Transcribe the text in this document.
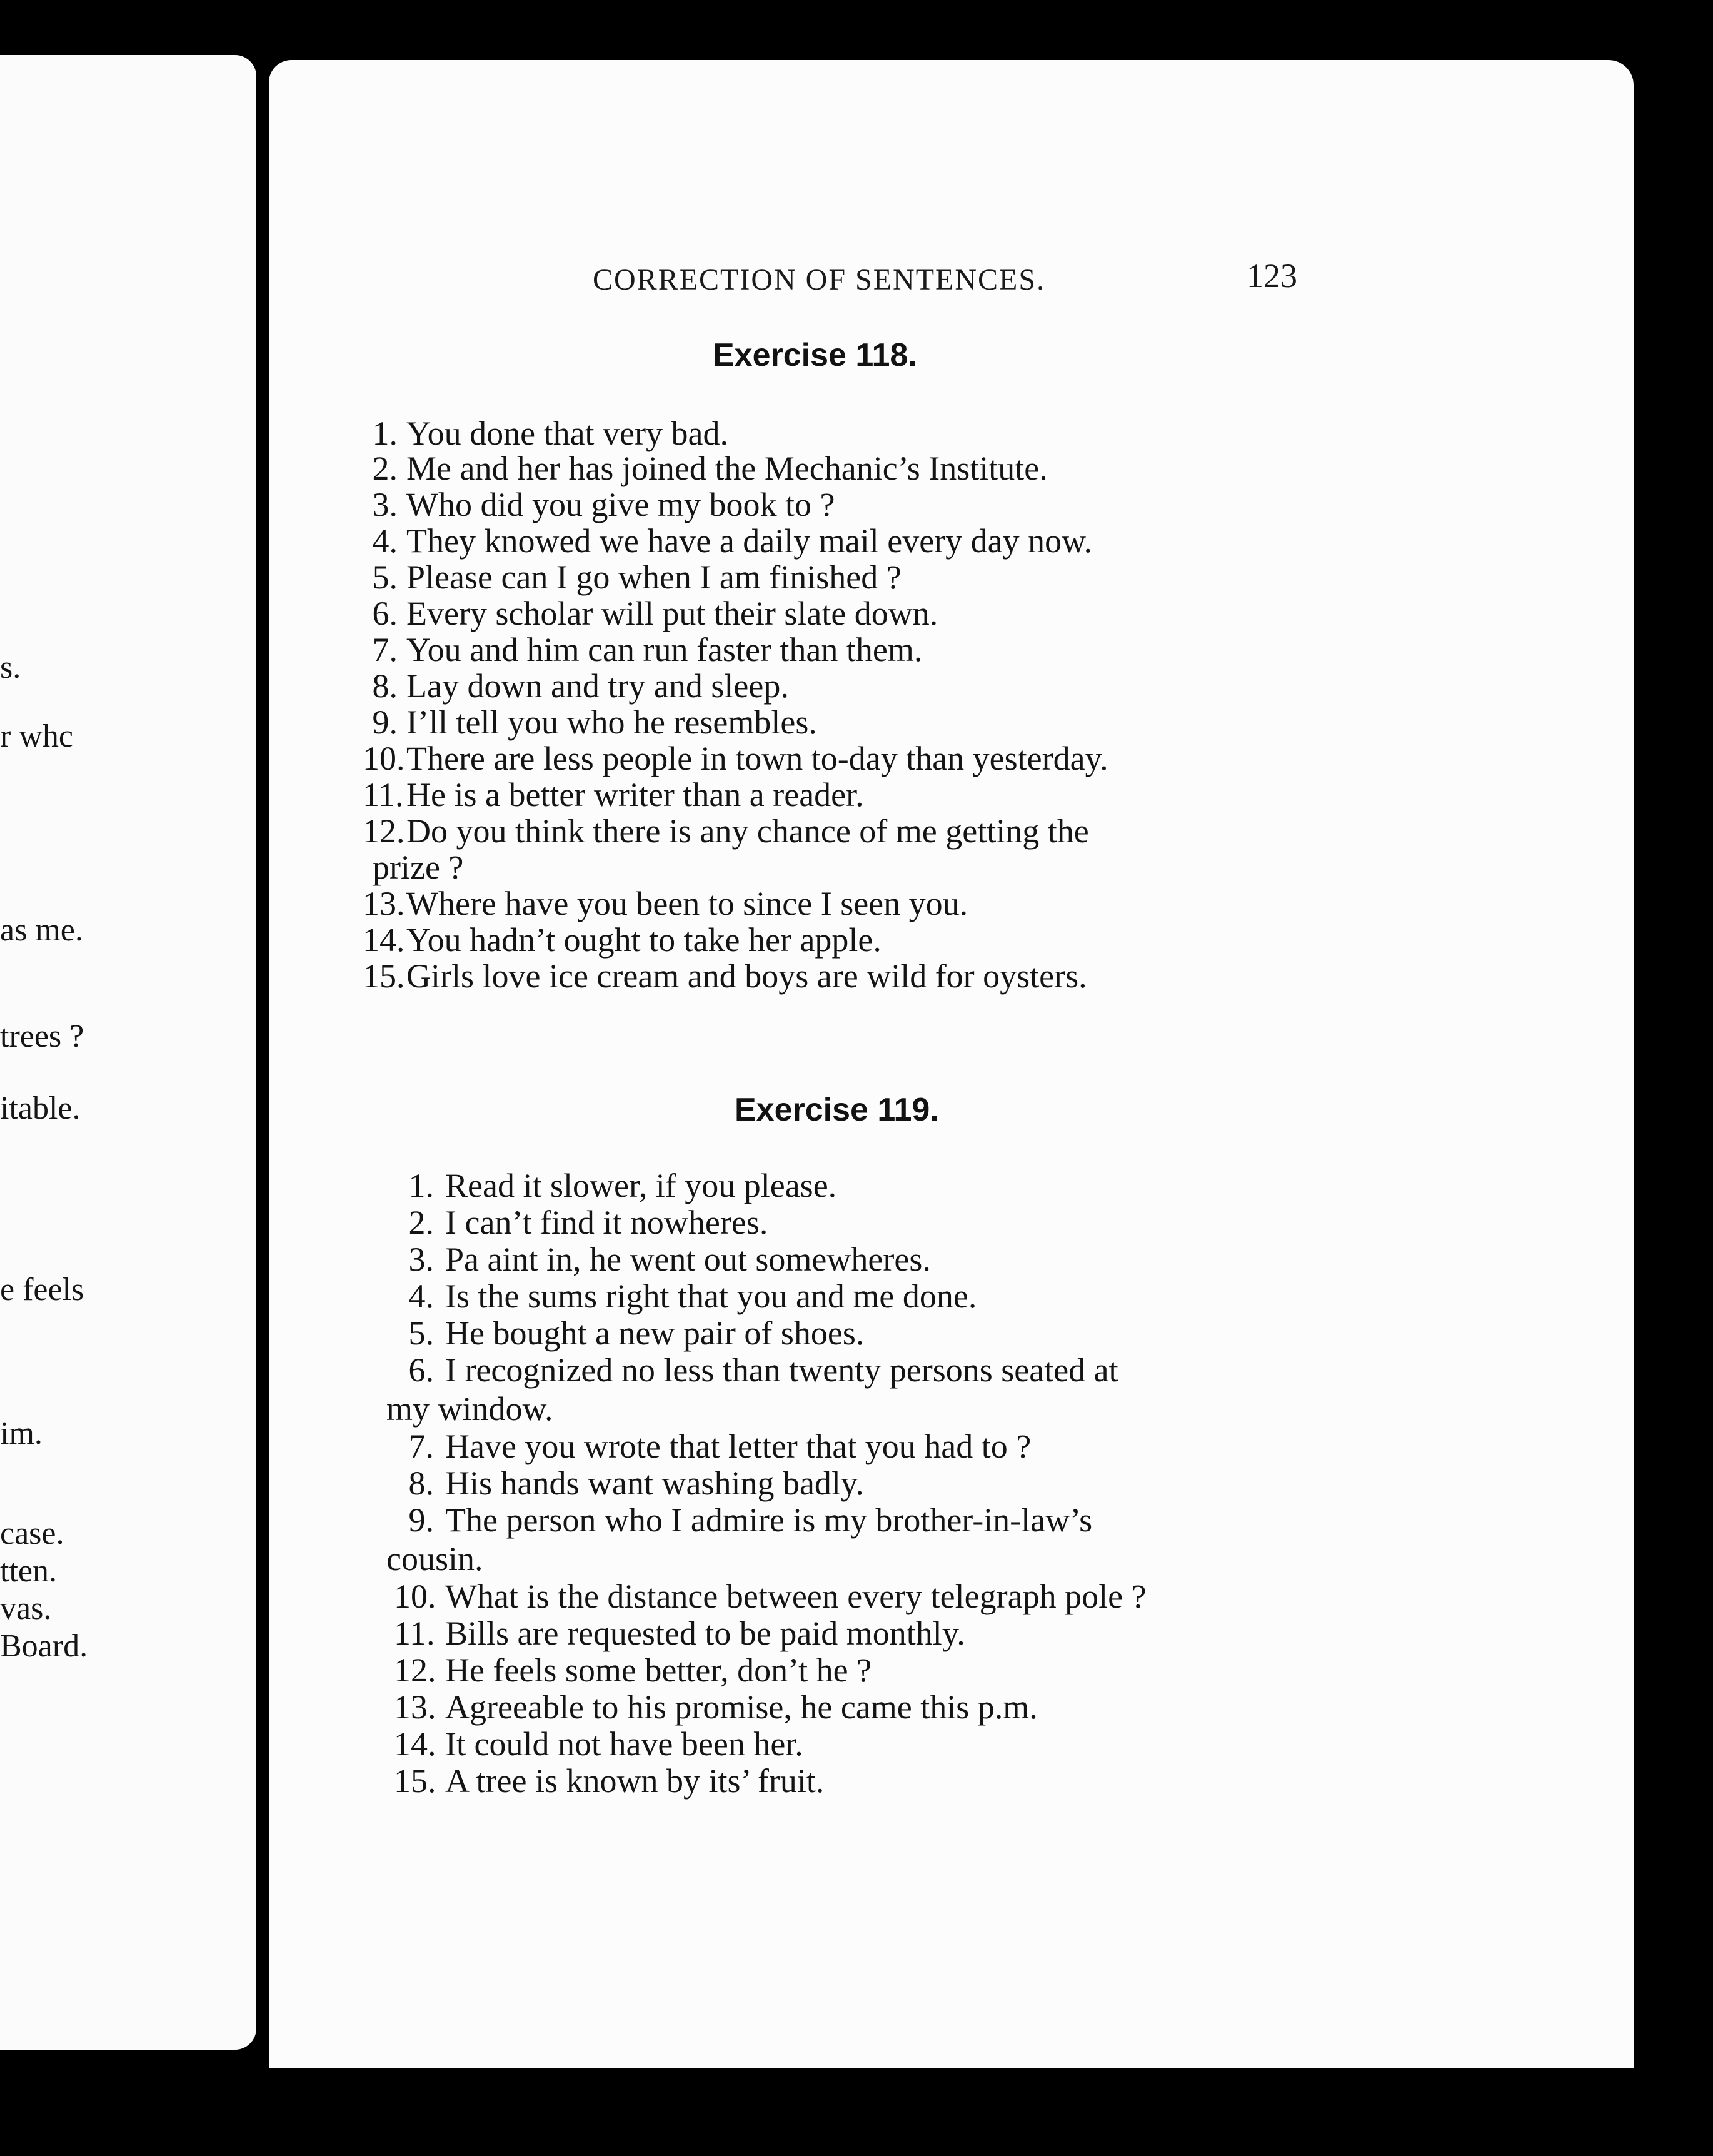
s.
r whc
as me.
trees ?
itable.
e feels
im.
case.
tten.
vas.
Board.
CORRECTION OF SENTENCES.	123
Exercise 118.
1. You done that very bad.
2. Me and her has joined the Mechanic’s Institute.
3. Who did you give my book to ?
4. They knowed we have a daily mail every day now.
5. Please can I go when I am finished ?
6. Every scholar will put their slate down.
7. You and him can run faster than them.
8. Lay down and try and sleep.
9. I’ll tell you who he resembles.
10.There are less people in town to-day than yesterday.
11.He is a better writer than a reader.
12.Do you think there is any chance of me getting the
prize ?
13.Where have you been to since I seen you.
14.You hadn’t ought to take her apple.
15.Girls love ice cream and boys are wild for oysters.
Exercise 119.
1. Read it slower, if you please.
2. I can’t find it nowheres.
3. Pa aint in, he went out somewheres.
4. Is the sums right that you and me done.
5. He bought a new pair of shoes.
6. I recognized no less than twenty persons seated at
my window.
7. Have you wrote that letter that you had to ?
8. His hands want washing badly.
9. The person who I admire is my brother-in-law’s
cousin.
10. What is the distance between every telegraph pole ?
11. Bills are requested to be paid monthly.
12. He feels some better, don’t he ?
13. Agreeable to his promise, he came this p.m.
14. It could not have been her.
15. A tree is known by its’ fruit.
